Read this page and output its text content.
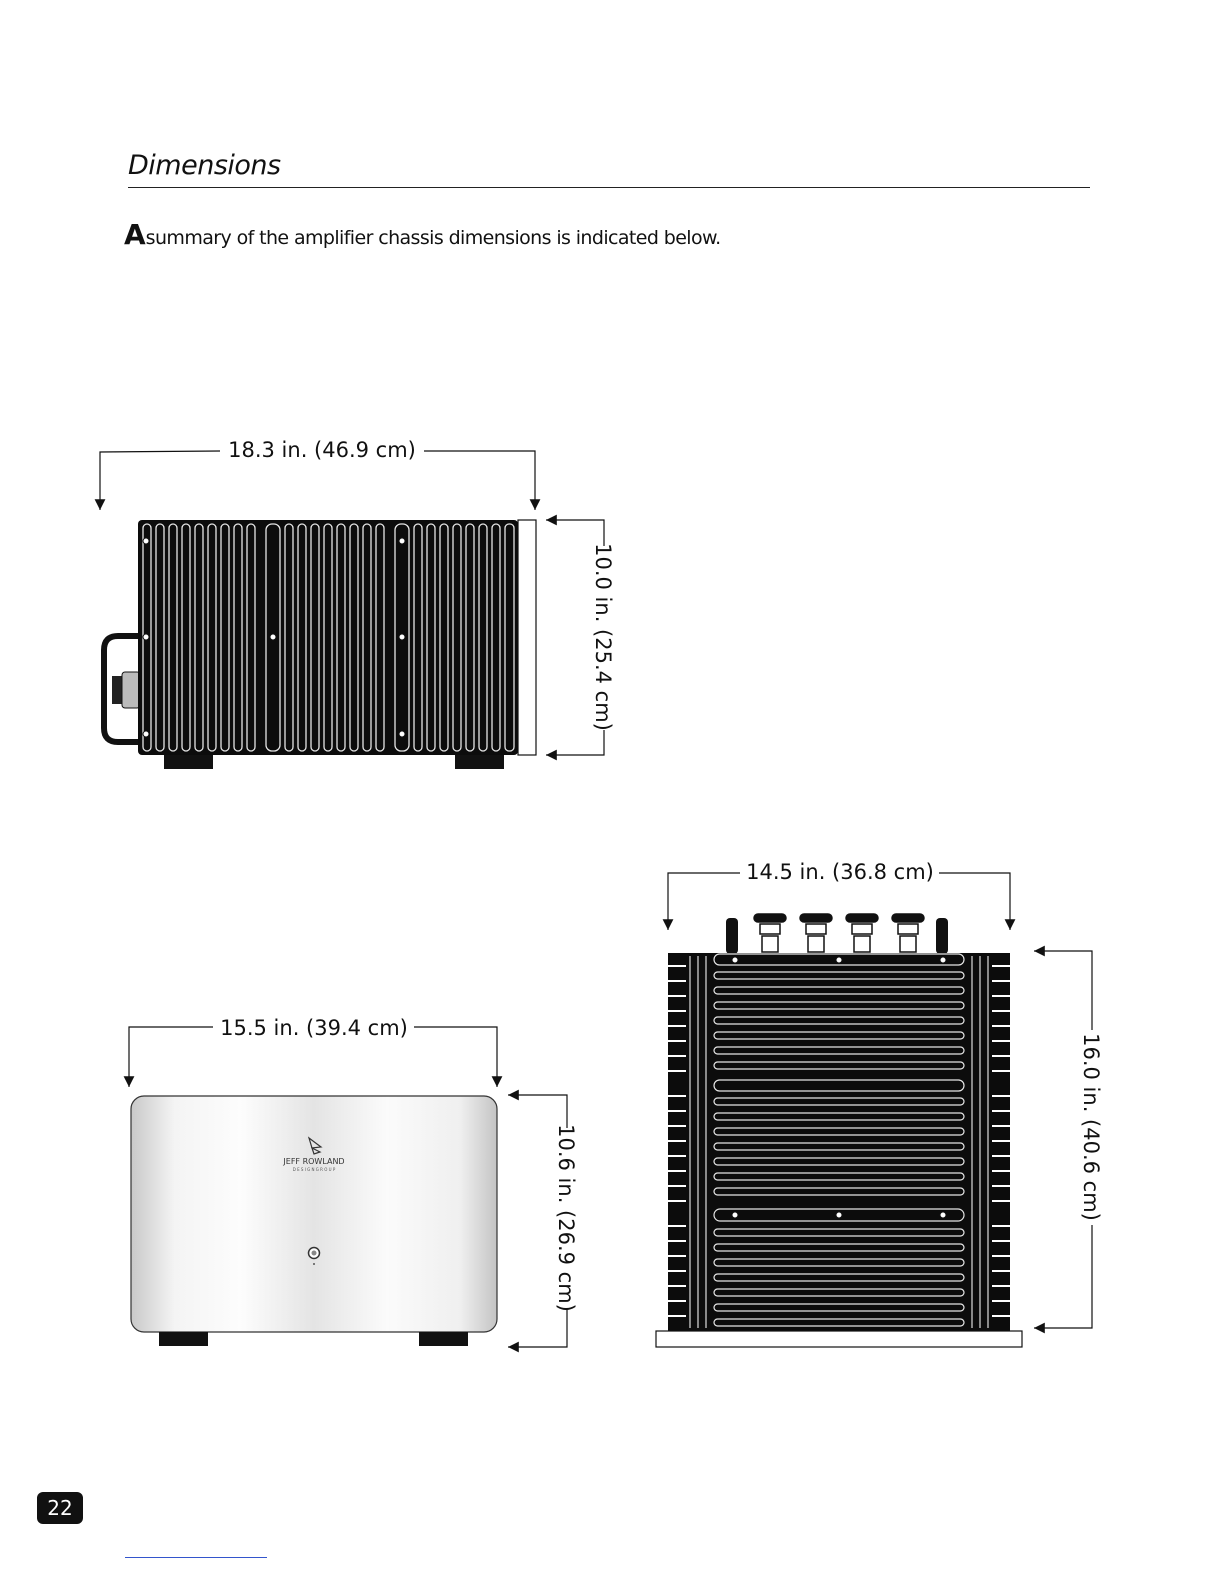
Dimensions
Asummary of the amplifier chassis dimensions is indicated below.
18.3 in. (46.9 cm)
10.0 in. (25.4 cm)
15.5 in. (39.4 cm)
10.6 in. (26.9 cm)
JEFF ROWLAND
D E S I G N G R O U P
14.5 in. (36.8 cm)
16.0 in. (40.6 cm)
22
